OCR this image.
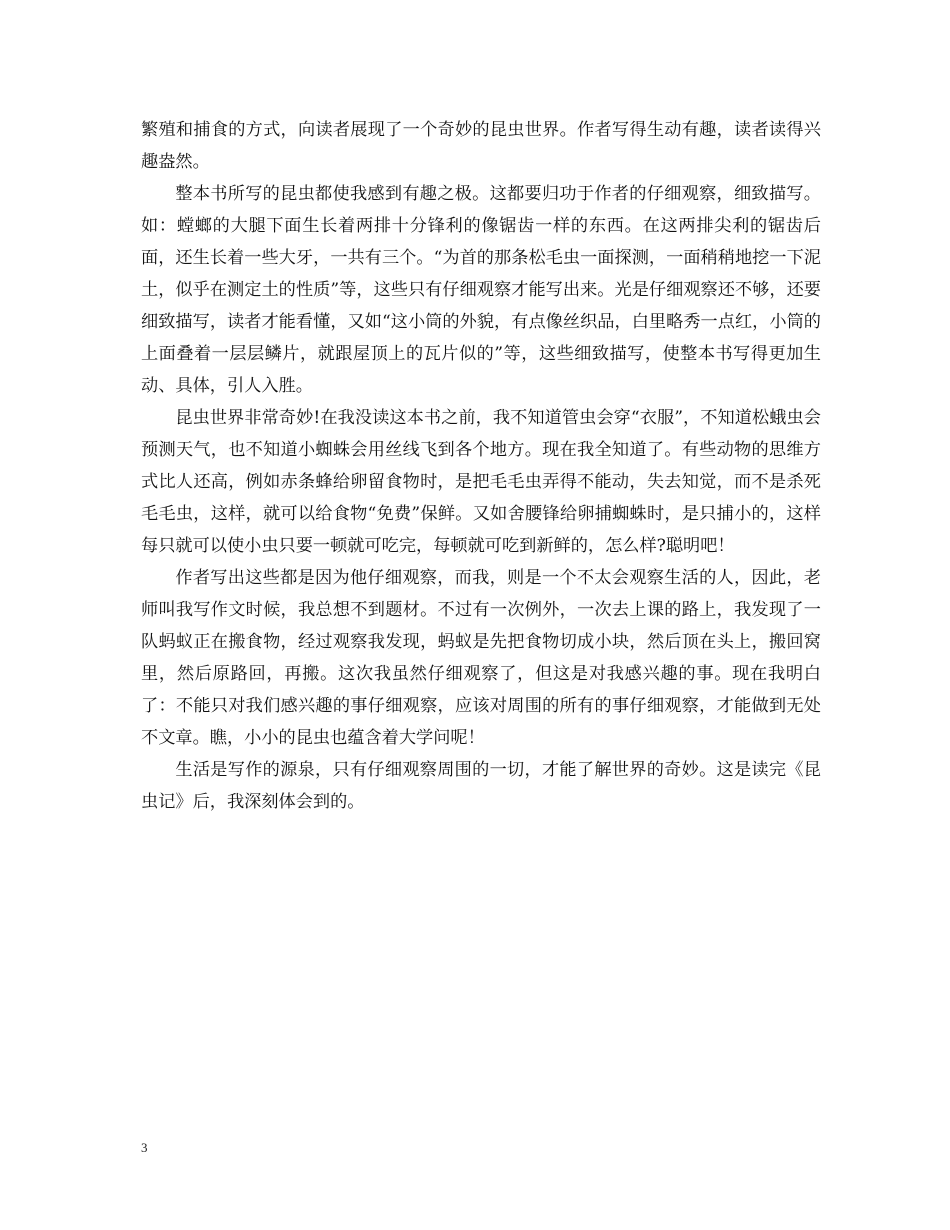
繁殖和捕食的方式，向读者展现了一个奇妙的昆虫世界。作者写得生动有趣，读者读得兴趣盎然。

整本书所写的昆虫都使我感到有趣之极。这都要归功于作者的仔细观察，细致描写。如：螳螂的大腿下面生长着两排十分锋利的像锯齿一样的东西。在这两排尖利的锯齿后面，还生长着一些大牙，一共有三个。“为首的那条松毛虫一面探测，一面稍稍地挖一下泥土，似乎在测定土的性质”等，这些只有仔细观察才能写出来。光是仔细观察还不够，还要细致描写，读者才能看懂，又如“这小筒的外貌，有点像丝织品，白里略秀一点红，小筒的上面叠着一层层鳞片，就跟屋顶上的瓦片似的”等，这些细致描写，使整本书写得更加生动、具体，引人入胜。

昆虫世界非常奇妙!在我没读这本书之前，我不知道管虫会穿“衣服”，不知道松蛾虫会预测天气，也不知道小蜘蛛会用丝线飞到各个地方。现在我全知道了。有些动物的思维方式比人还高，例如赤条蜂给卵留食物时，是把毛毛虫弄得不能动，失去知觉，而不是杀死毛毛虫，这样，就可以给食物“免费”保鲜。又如舍腰锋给卵捕蜘蛛时，是只捕小的，这样每只就可以使小虫只要一顿就可吃完，每顿就可吃到新鲜的，怎么样?聪明吧！

作者写出这些都是因为他仔细观察，而我，则是一个不太会观察生活的人，因此，老师叫我写作文时候，我总想不到题材。不过有一次例外，一次去上课的路上，我发现了一队蚂蚁正在搬食物，经过观察我发现，蚂蚁是先把食物切成小块，然后顶在头上，搬回窝里，然后原路回，再搬。这次我虽然仔细观察了，但这是对我感兴趣的事。现在我明白了：不能只对我们感兴趣的事仔细观察，应该对周围的所有的事仔细观察，才能做到无处不文章。瞧，小小的昆虫也蕴含着大学问呢！

生活是写作的源泉，只有仔细观察周围的一切，才能了解世界的奇妙。这是读完《昆虫记》后，我深刻体会到的。

3
